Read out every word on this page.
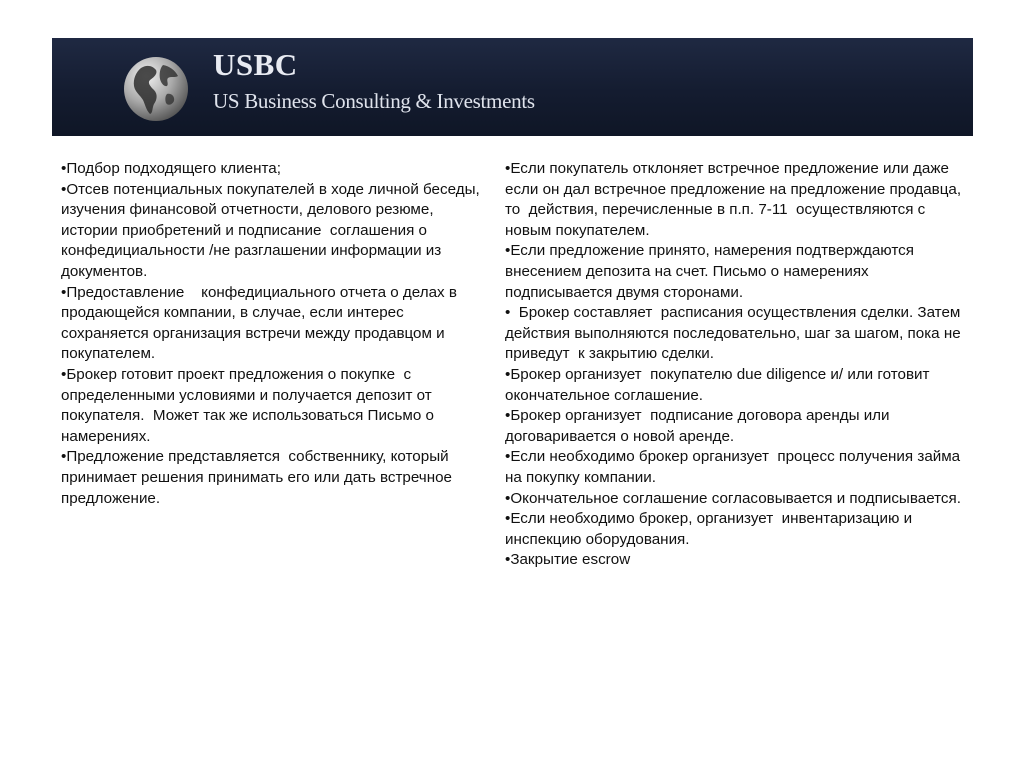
USBC
US Business Consulting & Investments

•Подбор подходящего клиента;

•Отсев потенциальных покупателей в ходе личной беседы, изучения финансовой отчетности, делового резюме, истории приобретений и подписание  соглашения о  конфедициальности /не разглашении информации из документов.

•Предоставление    конфедициального отчета о делах в продающейся компании, в случае, если интерес сохраняется организация встречи между продавцом и покупателем.

•Брокер готовит проект предложения о покупке  с определенными условиями и получается депозит от покупателя.  Может так же использоваться Письмо о намерениях.

•Предложение представляется  собственнику, который принимает решения принимать его или дать встречное предложение.

•Если покупатель отклоняет встречное предложение или даже  если он дал встречное предложение на предложение продавца, то  действия, перечисленные в п.п. 7-11  осуществляются с новым покупателем.

•Если предложение принято, намерения подтверждаются внесением депозита на счет. Письмо о намерениях подписывается двумя сторонами.

•  Брокер составляет  расписания осуществления сделки. Затем действия выполняются последовательно, шаг за шагом, пока не приведут  к закрытию сделки.

•Брокер организует  покупателю due diligence и/ или готовит окончательное соглашение.

•Брокер организует  подписание договора аренды или договаривается о новой аренде.

•Если необходимо брокер организует  процесс получения займа на покупку компании.

•Окончательное соглашение согласовывается и подписывается.

•Если необходимо брокер, организует  инвентаризацию и инспекцию оборудования.

•Закрытие escrow
